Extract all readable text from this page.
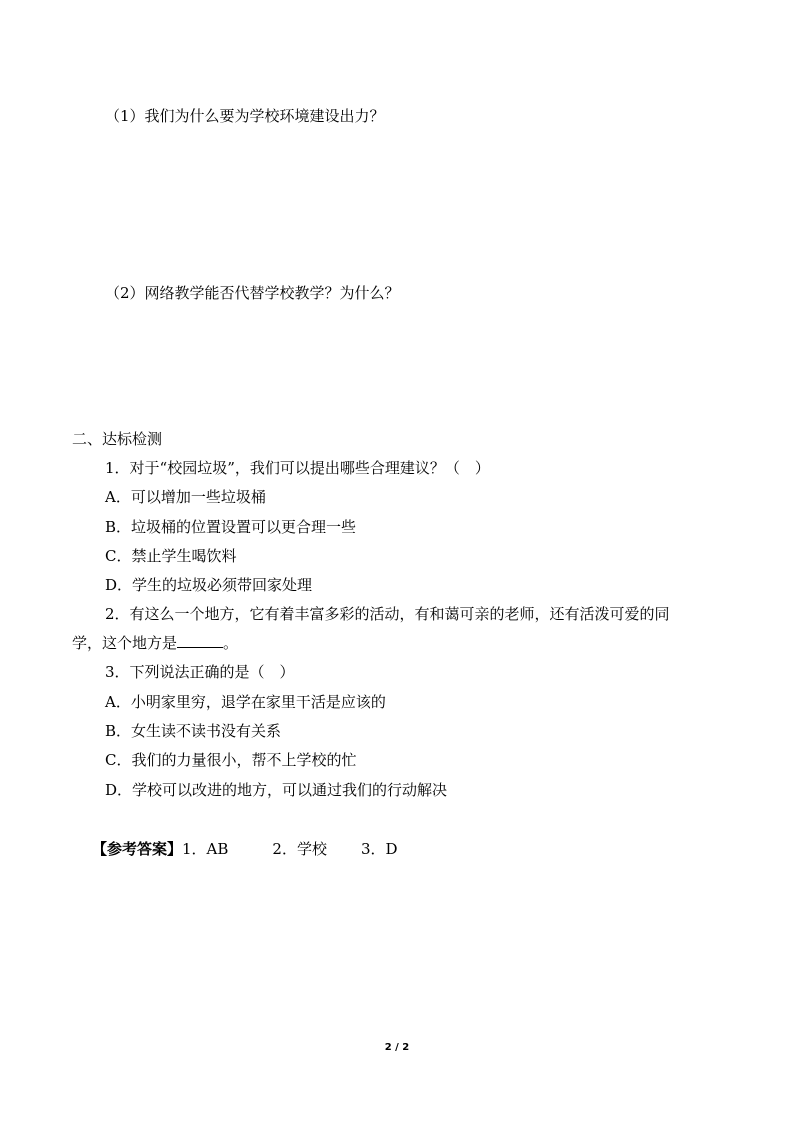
（1）我们为什么要为学校环境建设出力？

（2）网络教学能否代替学校教学？为什么？

二、达标检测

1．对于“校园垃圾”，我们可以提出哪些合理建议？（　）

A．可以增加一些垃圾桶

B．垃圾桶的位置设置可以更合理一些

C．禁止学生喝饮料

D．学生的垃圾必须带回家处理

2．有这么一个地方，它有着丰富多彩的活动，有和蔼可亲的老师，还有活泼可爱的同

学，这个地方是	。

3．下列说法正确的是（　）

A．小明家里穷，退学在家里干活是应该的

B．女生读不读书没有关系

C．我们的力量很小，帮不上学校的忙

D．学校可以改进的地方，可以通过我们的行动解决

【参考答案】1．AB	2．学校 3．D

2 / 2
